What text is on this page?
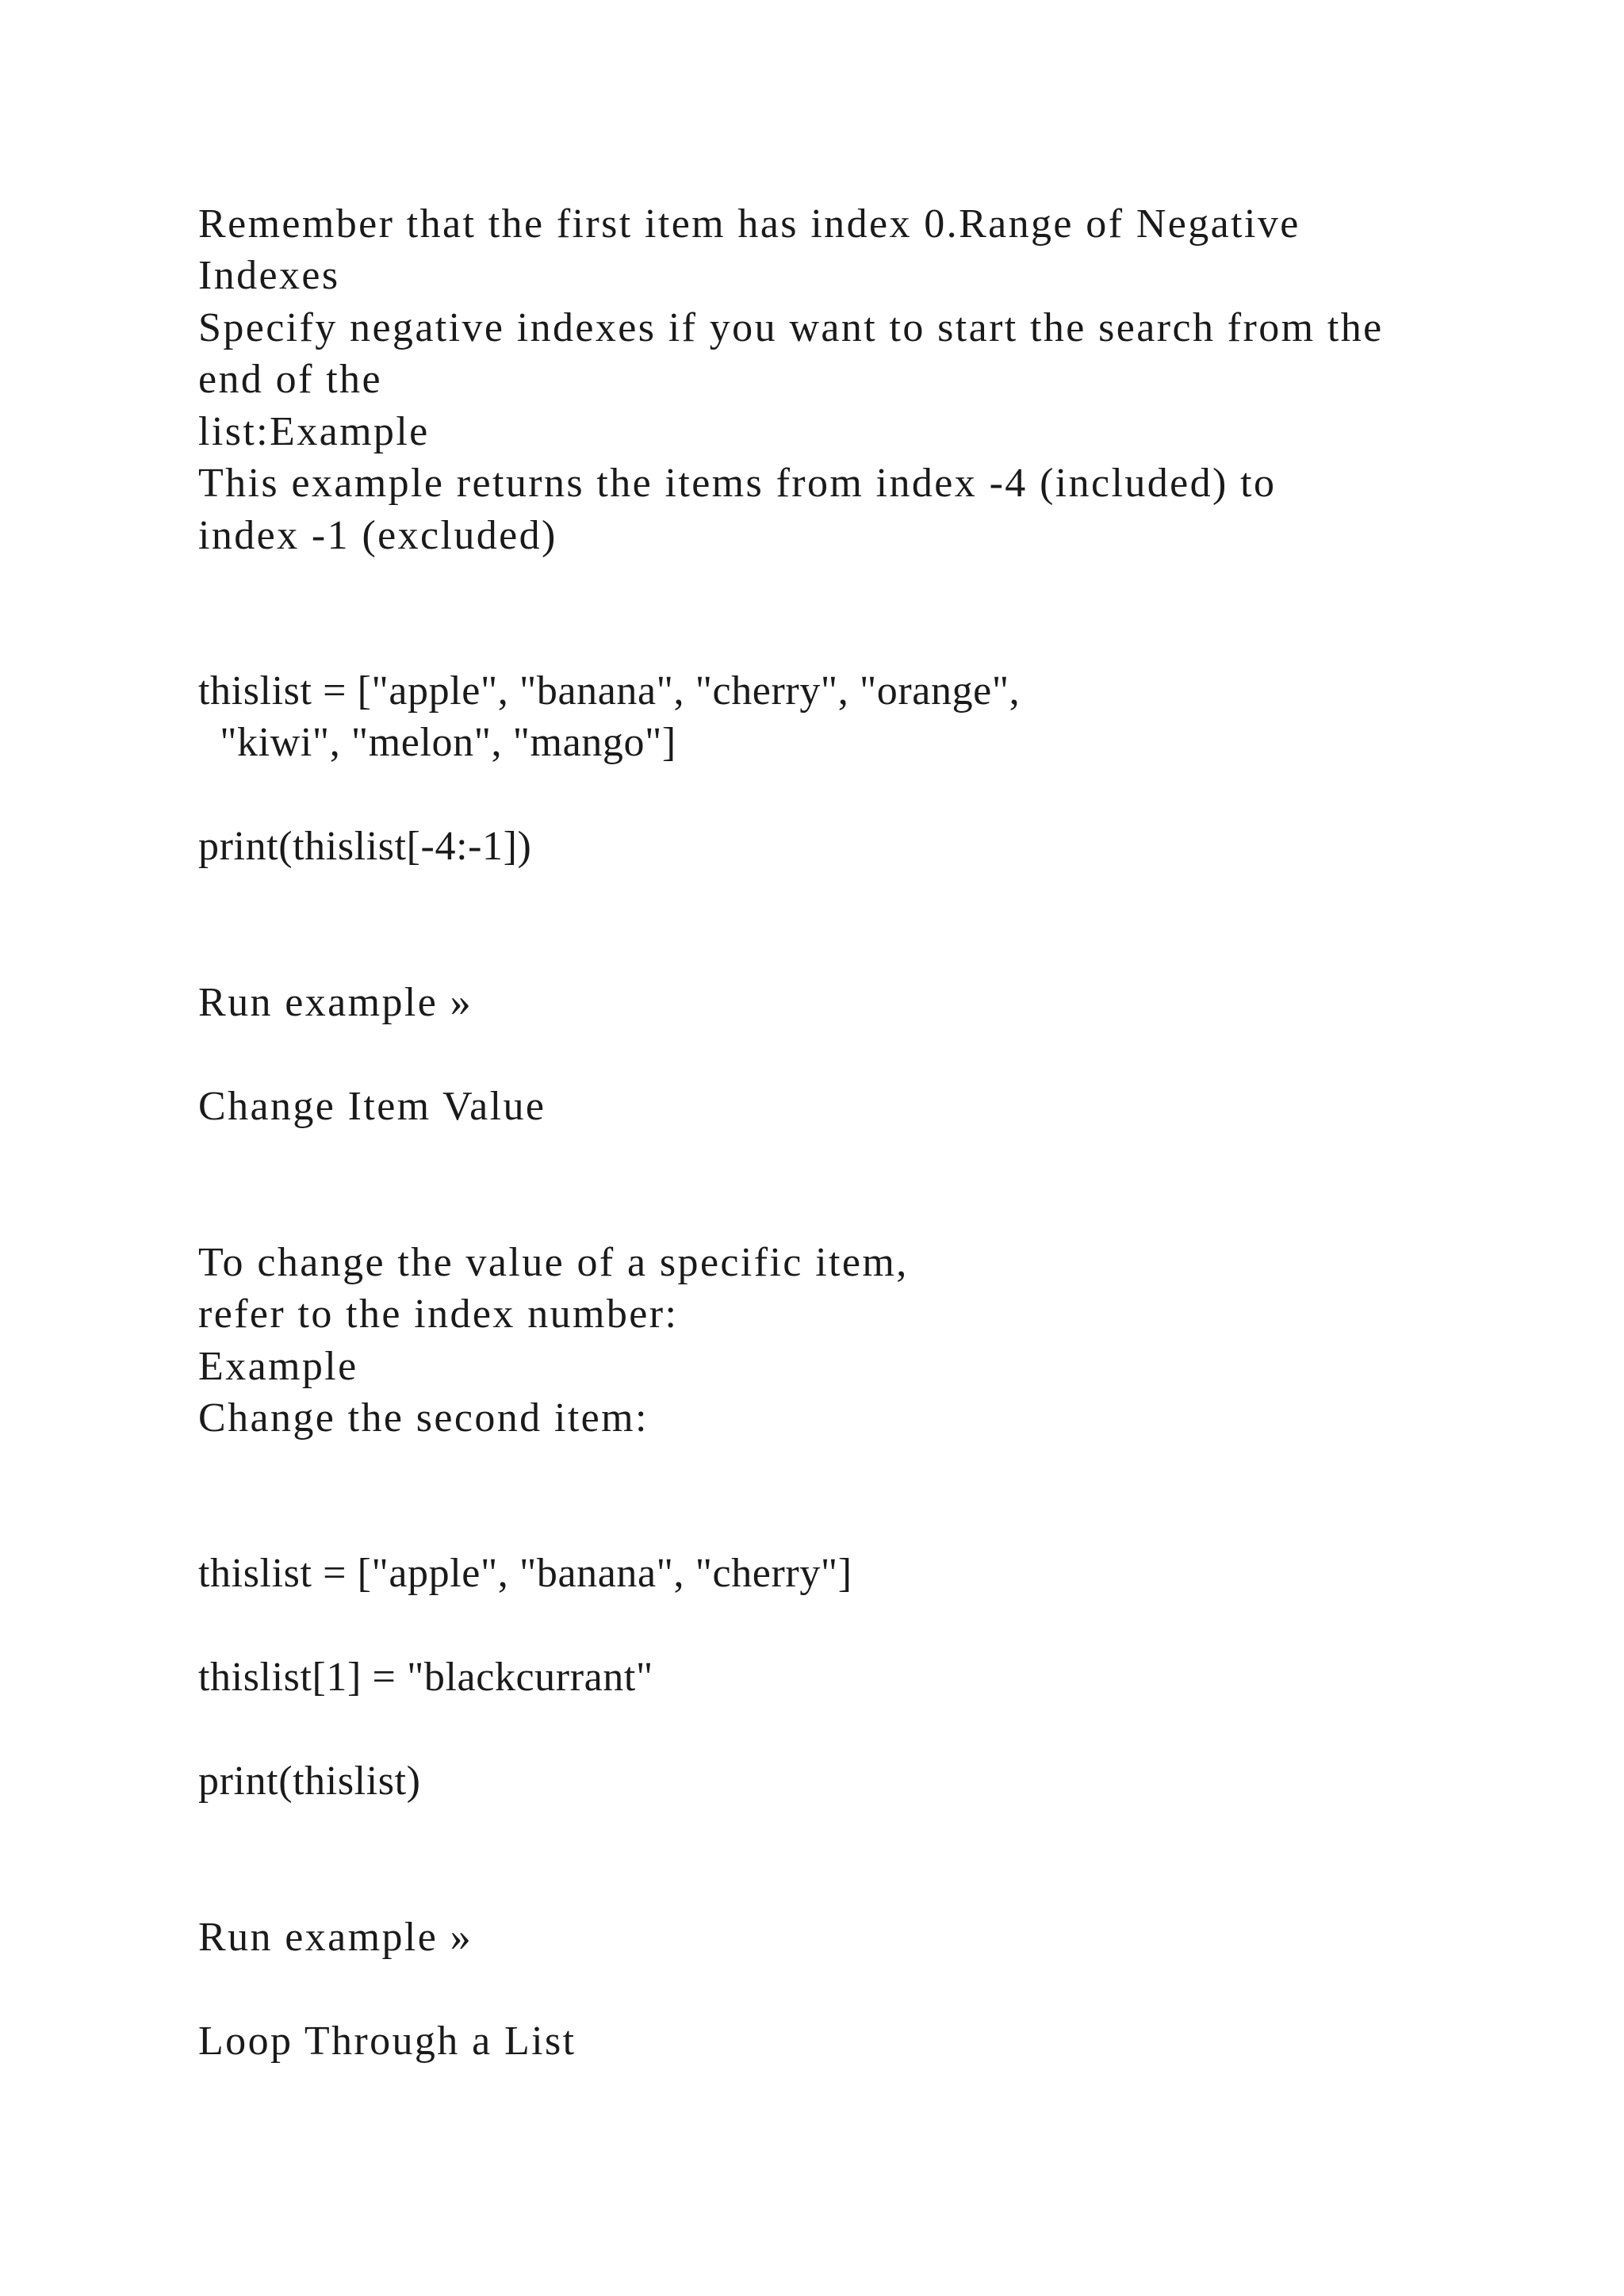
Remember that the first item has index 0.Range of Negative
Indexes
Specify negative indexes if you want to start the search from the
end of the
list:Example
This example returns the items from index -4 (included) to
index -1 (excluded)
thislist = ["apple", "banana", "cherry", "orange",
"kiwi", "melon", "mango"]
print(thislist[-4:-1])
Run example »
Change Item Value
To change the value of a specific item,
refer to the index number:
Example
Change the second item:
thislist = ["apple", "banana", "cherry"]
thislist[1] = "blackcurrant"
print(thislist)
Run example »
Loop Through a List
